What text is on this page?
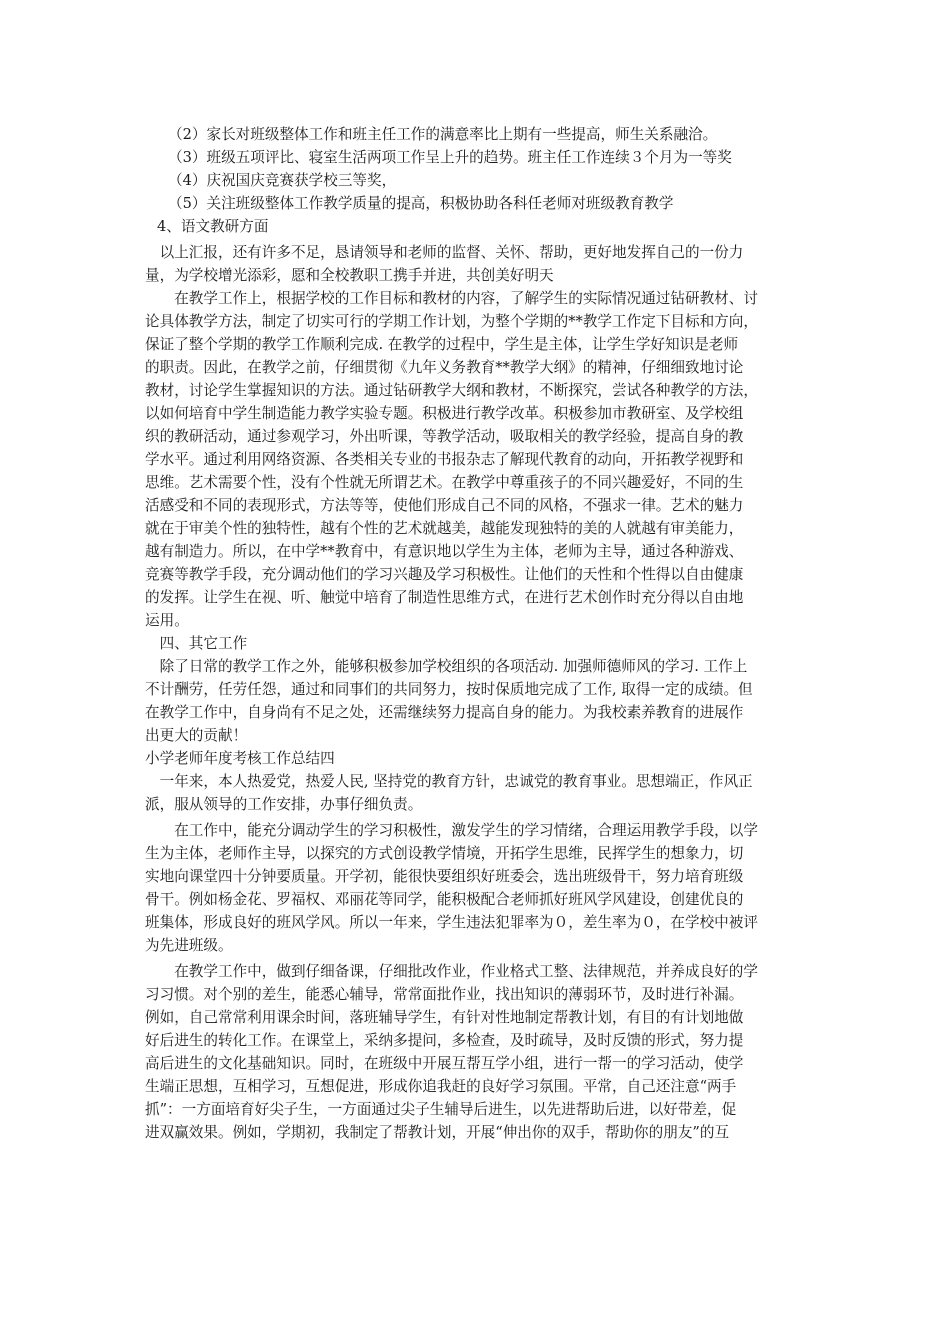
（2）家长对班级整体工作和班主任工作的满意率比上期有一些提高，师生关系融洽。

（3）班级五项评比、寝室生活两项工作呈上升的趋势。班主任工作连续３个月为一等奖

（4）庆祝国庆竞赛获学校三等奖，

（5）关注班级整体工作教学质量的提高，积极协助各科任老师对班级教育教学

4、语文教研方面

　以上汇报，还有许多不足，恳请领导和老师的监督、关怀、帮助，更好地发挥自己的一份力

量，为学校增光添彩，愿和全校教职工携手并进，共创美好明天

　　在教学工作上，根据学校的工作目标和教材的内容，了解学生的实际情况通过钻研教材、讨

论具体教学方法，制定了切实可行的学期工作计划，为整个学期的**教学工作定下目标和方向，

保证了整个学期的教学工作顺利完成. 在教学的过程中，学生是主体，让学生学好知识是老师

的职责。因此，在教学之前，仔细贯彻《九年义务教育**教学大纲》的精神，仔细细致地讨论

教材，讨论学生掌握知识的方法。通过钻研教学大纲和教材，不断探究，尝试各种教学的方法，

以如何培育中学生制造能力教学实验专题。积极进行教学改革。积极参加市教研室、及学校组

织的教研活动，通过参观学习，外出听课，等教学活动，吸取相关的教学经验，提高自身的教

学水平。通过利用网络资源、各类相关专业的书报杂志了解现代教育的动向，开拓教学视野和

思维。艺术需要个性，没有个性就无所谓艺术。在教学中尊重孩子的不同兴趣爱好，不同的生

活感受和不同的表现形式，方法等等，使他们形成自己不同的风格，不强求一律。艺术的魅力

就在于审美个性的独特性，越有个性的艺术就越美，越能发现独特的美的人就越有审美能力，

越有制造力。所以，在中学**教育中，有意识地以学生为主体，老师为主导，通过各种游戏、

竞赛等教学手段，充分调动他们的学习兴趣及学习积极性。让他们的天性和个性得以自由健康

的发挥。让学生在视、听、触觉中培育了制造性思维方式，在进行艺术创作时充分得以自由地

运用。

　四、其它工作

　除了日常的教学工作之外，能够积极参加学校组织的各项活动. 加强师德师风的学习. 工作上

不计酬劳，任劳任怨，通过和同事们的共同努力，按时保质地完成了工作, 取得一定的成绩。但

在教学工作中，自身尚有不足之处，还需继续努力提高自身的能力。为我校素养教育的进展作

出更大的贡献！

小学老师年度考核工作总结四

　一年来，本人热爱党，热爱人民, 坚持党的教育方针，忠诚党的教育事业。思想端正，作风正

派，服从领导的工作安排，办事仔细负责。

　　在工作中，能充分调动学生的学习积极性，激发学生的学习情绪，合理运用教学手段，以学

生为主体，老师作主导，以探究的方式创设教学情境，开拓学生思维，民挥学生的想象力，切

实地向课堂四十分钟要质量。开学初，能很快要组织好班委会，选出班级骨干，努力培育班级

骨干。例如杨金花、罗福权、邓丽花等同学，能积极配合老师抓好班风学风建设，创建优良的

班集体，形成良好的班风学风。所以一年来，学生违法犯罪率为０，差生率为０，在学校中被评

为先进班级。

　　在教学工作中，做到仔细备课，仔细批改作业，作业格式工整、法律规范，并养成良好的学

习习惯。对个别的差生，能悉心辅导，常常面批作业，找出知识的薄弱环节，及时进行补漏。

例如，自己常常利用课余时间，落班辅导学生，有针对性地制定帮教计划，有目的有计划地做

好后进生的转化工作。在课堂上，采纳多提问，多检查，及时疏导，及时反馈的形式，努力提

高后进生的文化基础知识。同时，在班级中开展互帮互学小组，进行一帮一的学习活动，使学

生端正思想，互相学习，互想促进，形成你追我赶的良好学习氛围。平常，自己还注意“两手

抓”：一方面培育好尖子生，一方面通过尖子生辅导后进生，以先进帮助后进，以好带差，促

进双赢效果。例如，学期初，我制定了帮教计划，开展“伸出你的双手，帮助你的朋友”的互
